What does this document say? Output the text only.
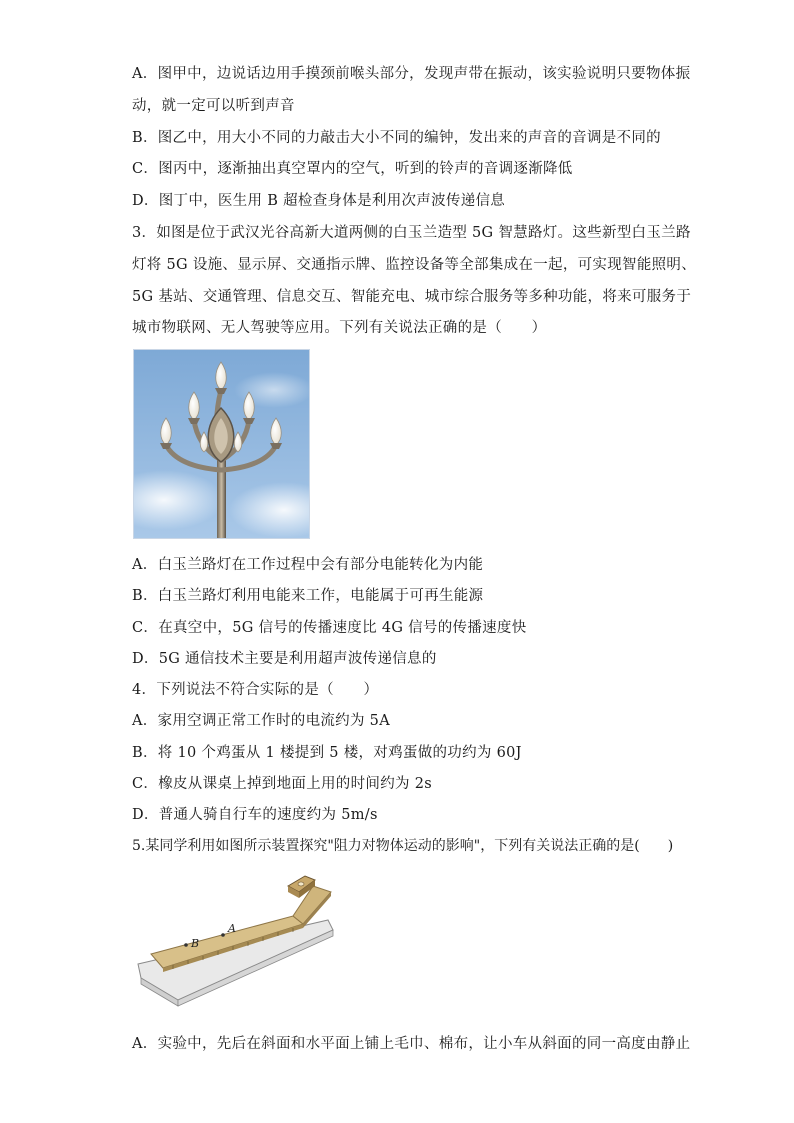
A．图甲中，边说话边用手摸颈前喉头部分，发现声带在振动，该实验说明只要物体振
动，就一定可以听到声音
B．图乙中，用大小不同的力敲击大小不同的编钟，发出来的声音的音调是不同的
C．图丙中，逐渐抽出真空罩内的空气，听到的铃声的音调逐渐降低
D．图丁中，医生用 B 超检查身体是利用次声波传递信息
3．如图是位于武汉光谷高新大道两侧的白玉兰造型 5G 智慧路灯。这些新型白玉兰路
灯将 5G 设施、显示屏、交通指示牌、监控设备等全部集成在一起，可实现智能照明、
5G 基站、交通管理、信息交互、智能充电、城市综合服务等多种功能，将来可服务于
城市物联网、无人驾驶等应用。下列有关说法正确的是（　　）
A．白玉兰路灯在工作过程中会有部分电能转化为内能
B．白玉兰路灯利用电能来工作，电能属于可再生能源
C．在真空中，5G 信号的传播速度比 4G 信号的传播速度快
D．5G 通信技术主要是利用超声波传递信息的
4．下列说法不符合实际的是（　　）
A．家用空调正常工作时的电流约为 5A
B．将 10 个鸡蛋从 1 楼提到 5 楼，对鸡蛋做的功约为 60J
C．橡皮从课桌上掉到地面上用的时间约为 2s
D．普通人骑自行车的速度约为 5m/s
5.某同学利用如图所示装置探究"阻力对物体运动的影响"，下列有关说法正确的是(　　)
A
B
A．实验中，先后在斜面和水平面上铺上毛巾、棉布，让小车从斜面的同一高度由静止
